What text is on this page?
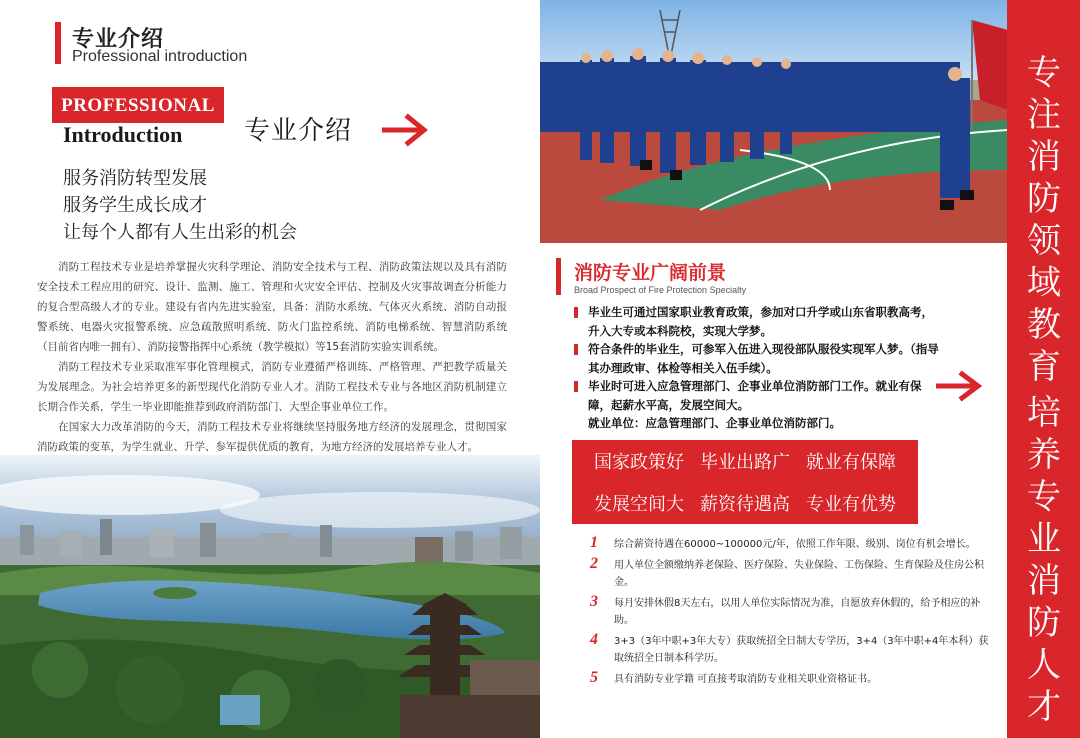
专业介绍
Professional introduction
PROFESSIONAL
Introduction 专业介绍
服务消防转型发展
服务学生成长成才
让每个人都有人生出彩的机会

消防工程技术专业是培养掌握火灾科学理论、消防安全技术与工程、消防政策法规以及具有消防安全技术工程应用的研究、设计、监测、施工、管理和火灾安全评估、控制及火灾事故调查分析能力的复合型高级人才的专业。建设有省内先进实验室，具备：消防水系统、气体灭火系统、消防自动报警系统、电器火灾报警系统、应急疏散照明系统、防火门监控系统、消防电梯系统、智慧消防系统（目前省内唯一拥有）、消防接警指挥中心系统（教学模拟）等15套消防实验实训系统。

消防工程技术专业采取准军事化管理模式，消防专业遵循严格训练、严格管理、严把教学质量关为发展理念。为社会培养更多的新型现代化消防专业人才。消防工程技术专业与各地区消防机制建立长期合作关系，学生一毕业即能推荐到政府消防部门、大型企事业单位工作。

在国家大力改革消防的今天，消防工程技术专业将继续坚持服务地方经济的发展理念，贯彻国家消防政策的变革，为学生就业、升学、参军提供优质的教育，为地方经济的发展培养专业人才。

专
注
消
防
领
域
教
育
培
养
专
业
消
防
人
才
消防专业广阔前景
Broad Prospect of Fire Protection Specialty
毕业生可通过国家职业教育政策，参加对口升学或山东省职教高考，升入大专或本科院校，实现大学梦。
符合条件的毕业生，可参军入伍进入现役部队服役实现军人梦。（指导其办理政审、体检等相关入伍手续）。
毕业时可进入应急管理部门、企事业单位消防部门工作。就业有保障，起薪水平高，发展空间大。
就业单位：应急管理部门、企事业单位消防部门。
国家政策好 毕业出路广 就业有保障
发展空间大 薪资待遇高 专业有优势
1 综合薪资待遇在60000~100000元/年，依照工作年限、级别、岗位有机会增长。
2 用人单位全额缴纳养老保险、医疗保险、失业保险、工伤保险、生育保险及住房公积金。
3 每月安排休假8天左右，以用人单位实际情况为准，自愿放弃休假的，给予相应的补助。
4 3+3（3年中职+3年大专）获取统招全日制大专学历，3+4（3年中职+4年本科）获取统招全日制本科学历。
5 具有消防专业学籍 可直接考取消防专业相关职业资格证书。
